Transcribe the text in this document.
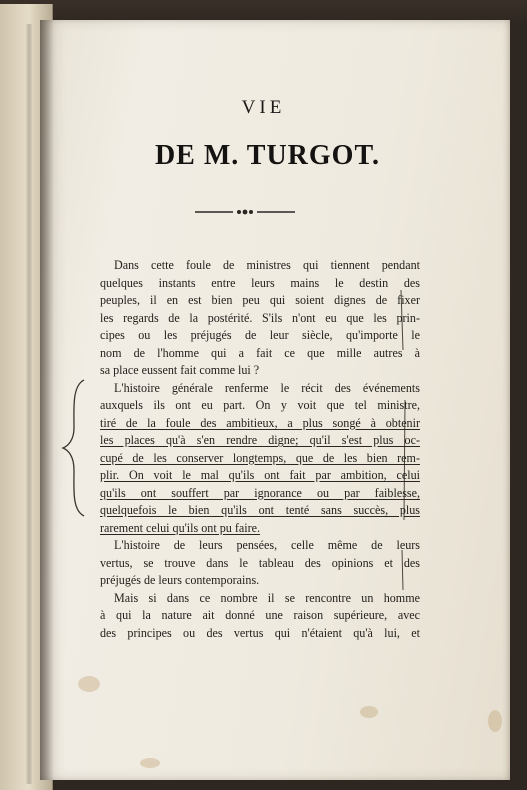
VIE
DE M. TURGOT.
Dans cette foule de ministres qui tiennent pendant
quelques instants entre leurs mains le destin des
peuples, il en est bien peu qui soient dignes de fixer
les regards de la postérité. S'ils n'ont eu que les prin-
cipes ou les préjugés de leur siècle, qu'importe le
nom de l'homme qui a fait ce que mille autres à
sa place eussent fait comme lui ?
L'histoire générale renferme le récit des événements
auxquels ils ont eu part. On y voit que tel ministre,
tiré de la foule des ambitieux, a plus songé à obtenir
les places qu'à s'en rendre digne; qu'il s'est plus oc-
cupé de les conserver longtemps, que de les bien rem-
plir. On voit le mal qu'ils ont fait par ambition, celui
qu'ils ont souffert par ignorance ou par faiblesse,
quelquefois le bien qu'ils ont tenté sans succès, plus
rarement celui qu'ils ont pu faire.
L'histoire de leurs pensées, celle même de leurs
vertus, se trouve dans le tableau des opinions et des
préjugés de leurs contemporains.
Mais si dans ce nombre il se rencontre un homme
à qui la nature ait donné une raison supérieure, avec
des principes ou des vertus qui n'étaient qu'à lui, et
